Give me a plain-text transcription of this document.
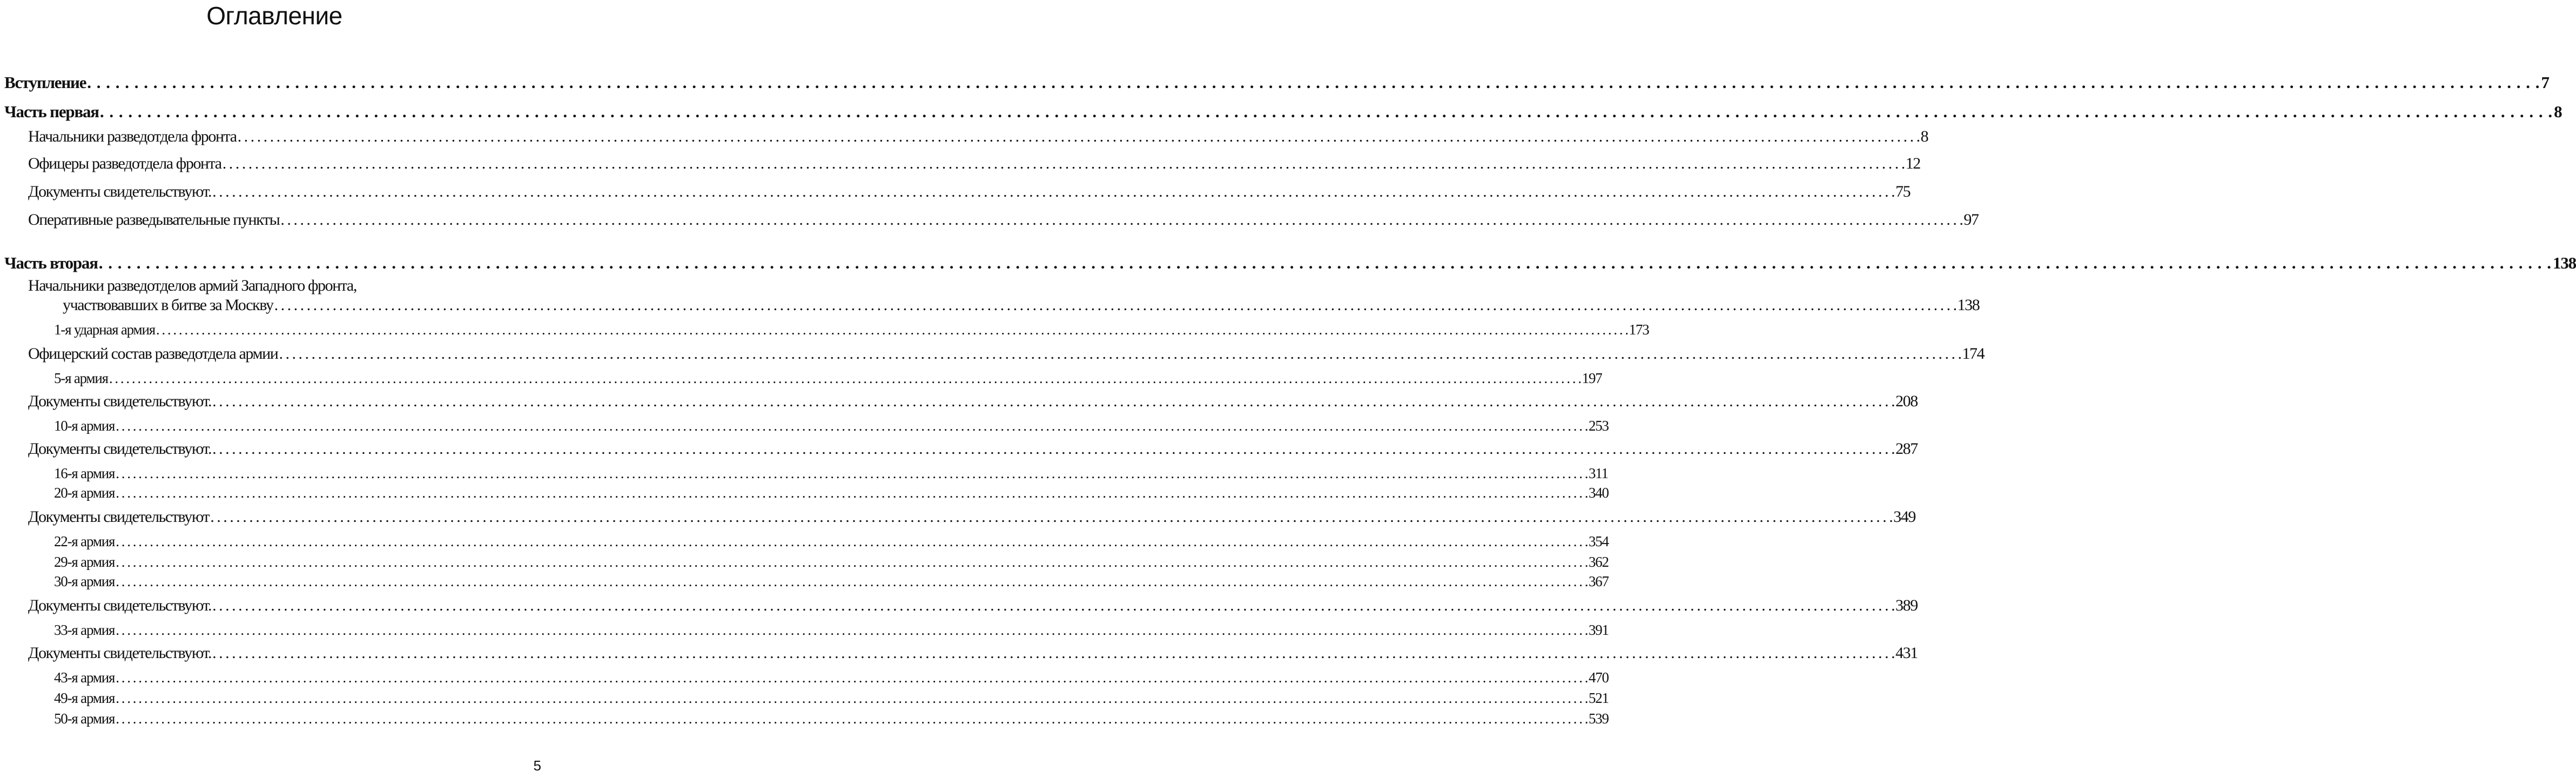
Оглавление
Вступление . . .	7
Часть первая . . .	8
Начальники разведотдела фронта . . .	8
Офицеры разведотдела фронта . . .	12
Документы свидетельствуют. . . .	75
Оперативные разведывательные пункты . . .	97
Часть вторая . . .	138
Начальники разведотделов армий Западного фронта,
участвовавших в битве за Москву . . .	138
1-я ударная армия . . .	173
Офицерский состав разведотдела армии . . .	174
5-я армия . . .	197
Документы свидетельствуют. . . .	208
10-я армия . . .	253
Документы свидетельствуют. . . .	287
16-я армия . . .	311
20-я армия . . .	340
Документы свидетельствуют . . .	349
22-я армия . . .	354
29-я армия . . .	362
30-я армия . . .	367
Документы свидетельствуют. . . .	389
33-я армия . . .	391
Документы свидетельствуют. . . .	431
43-я армия . . .	470
49-я армия . . .	521
50-я армия . . .	539
5
